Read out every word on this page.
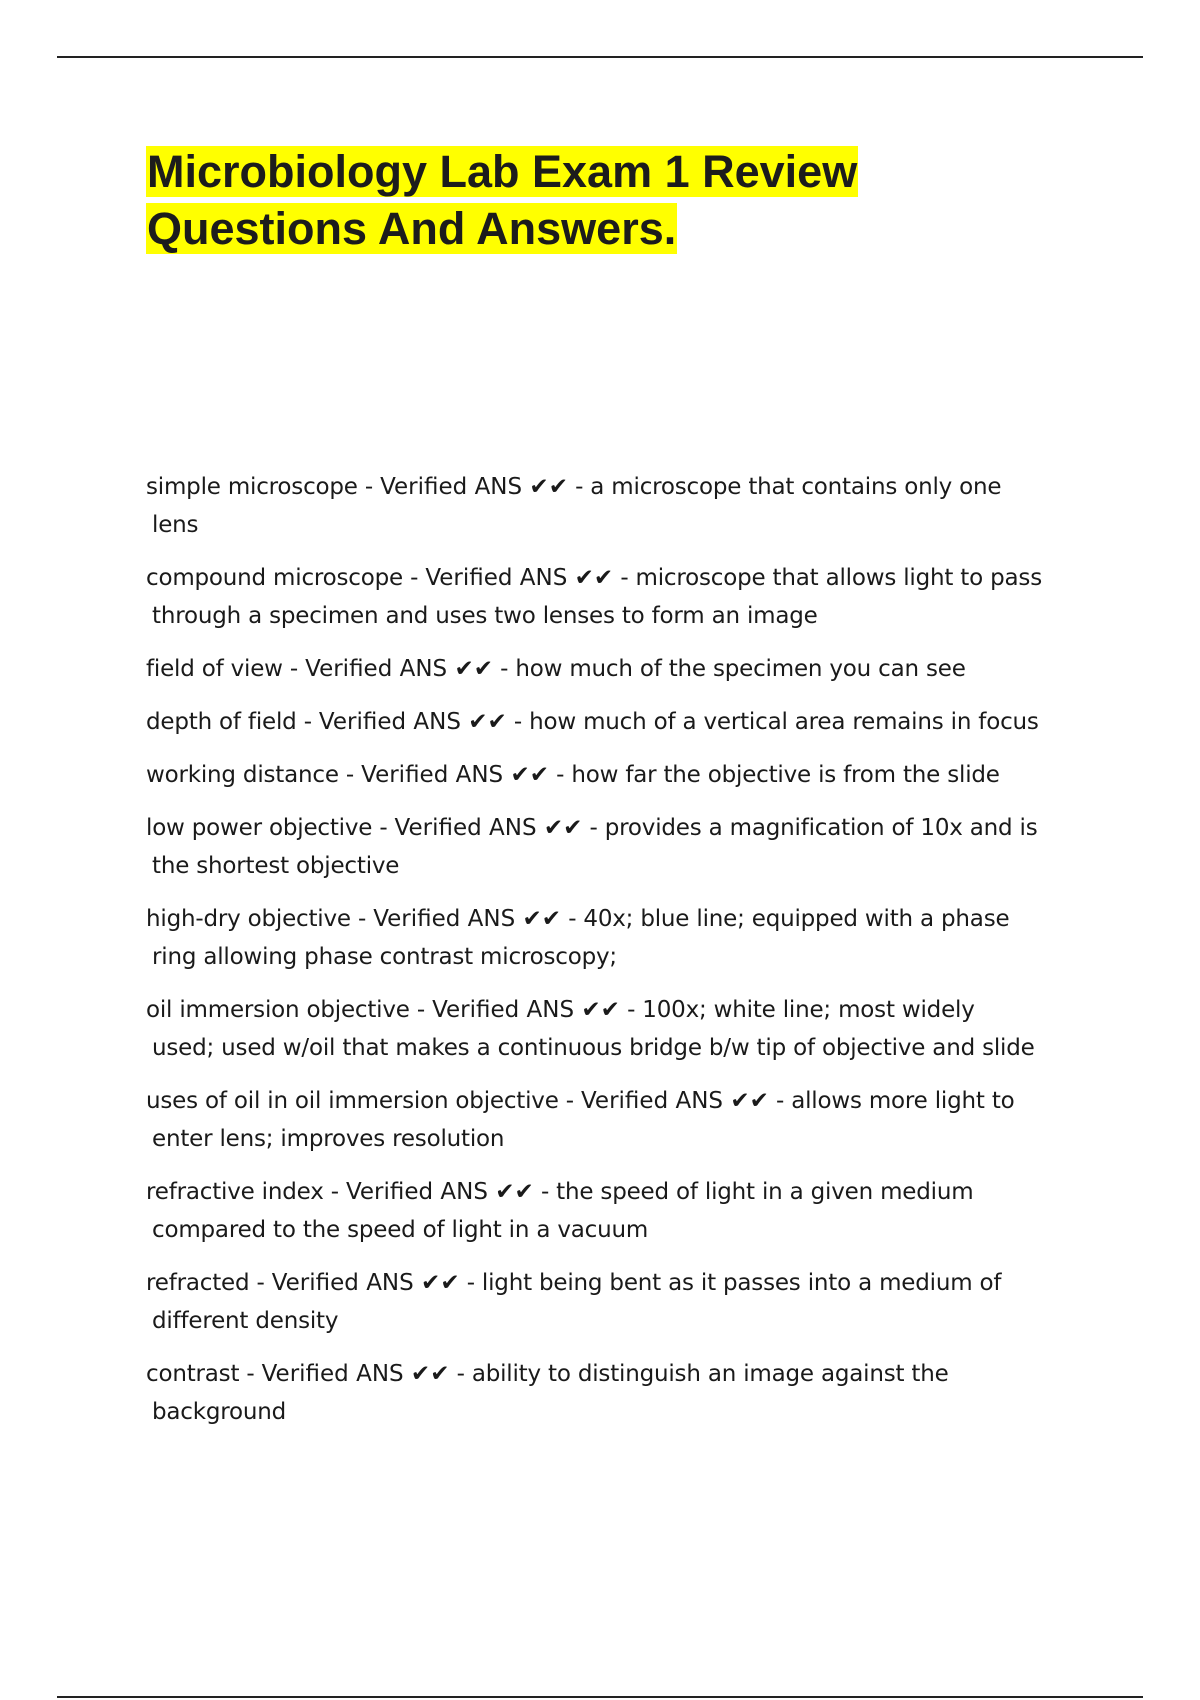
Microbiology Lab Exam 1 Review
Questions And Answers.
simple microscope - Verified ANS ✔✔ - a microscope that contains only one
lens
compound microscope - Verified ANS ✔✔ - microscope that allows light to pass
through a specimen and uses two lenses to form an image
field of view - Verified ANS ✔✔ - how much of the specimen you can see
depth of field - Verified ANS ✔✔ - how much of a vertical area remains in focus
working distance - Verified ANS ✔✔ - how far the objective is from the slide
low power objective - Verified ANS ✔✔ - provides a magnification of 10x and is
the shortest objective
high-dry objective - Verified ANS ✔✔ - 40x; blue line; equipped with a phase
ring allowing phase contrast microscopy;
oil immersion objective - Verified ANS ✔✔ - 100x; white line; most widely
used; used w/oil that makes a continuous bridge b/w tip of objective and slide
uses of oil in oil immersion objective - Verified ANS ✔✔ - allows more light to
enter lens; improves resolution
refractive index - Verified ANS ✔✔ - the speed of light in a given medium
compared to the speed of light in a vacuum
refracted - Verified ANS ✔✔ - light being bent as it passes into a medium of
different density
contrast - Verified ANS ✔✔ - ability to distinguish an image against the
background
